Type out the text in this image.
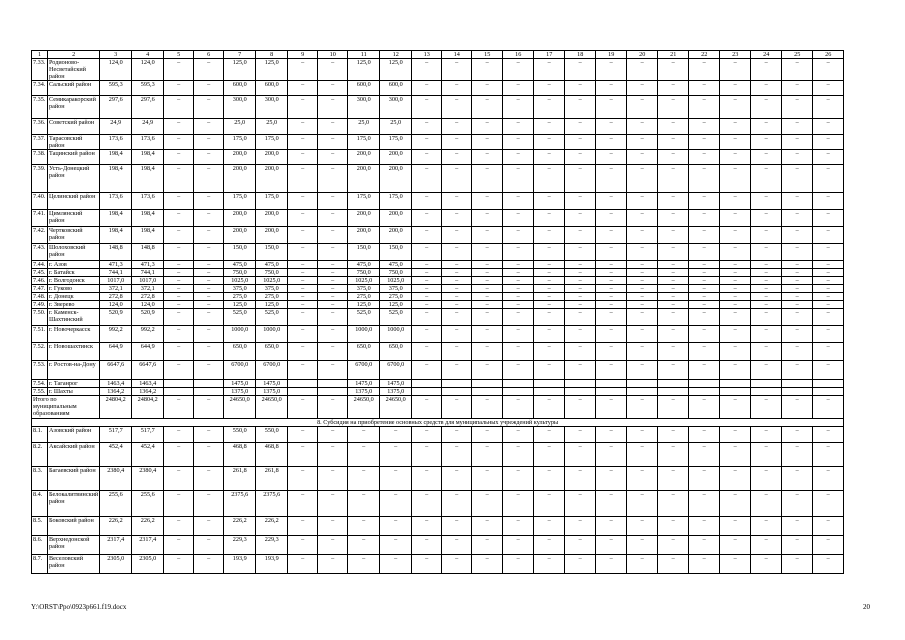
1	2	3	4	5	6	7	8	9	10	11	12	13	14	15	16	17	18	19	20	21	22	23	24	25	26
7.33.	Родионово-Несветайский район	124,0	124,0	–	–	125,0	125,0	–	–	125,0	125,0	–	–	–	–	–	–	–	–	–	–	–	–	–	–
7.34.	Сальский район	595,3	595,3	–	–	600,0	600,0	–	–	600,0	600,0	–	–	–	–	–	–	–	–	–	–	–	–	–	–
7.35.	Семикаракорский район	297,6	297,6	–	–	300,0	300,0	–	–	300,0	300,0	–	–	–	–	–	–	–	–	–	–	–	–	–	–
7.36.	Советский район	24,9	24,9	–	–	25,0	25,0	–	–	25,0	25,0	–	–	–	–	–	–	–	–	–	–	–	–	–	–
7.37.	Тарасовский район	173,6	173,6	–	–	175,0	175,0	–	–	175,0	175,0	–	–	–	–	–	–	–	–	–	–	–	–	–	–
7.38.	Тацинский район	198,4	198,4	–	–	200,0	200,0	–	–	200,0	200,0	–	–	–	–	–	–	–	–	–	–	–	–	–	–
7.39.	Усть-Донецкий район	198,4	198,4	–	–	200,0	200,0	–	–	200,0	200,0	–	–	–	–	–	–	–	–	–	–	–	–	–	–
7.40.	Целинский район	173,6	173,6	–	–	175,0	175,0	–	–	175,0	175,0	–	–	–	–	–	–	–	–	–	–	–	–	–	–
7.41.	Цимлянский район	198,4	198,4	–	–	200,0	200,0	–	–	200,0	200,0	–	–	–	–	–	–	–	–	–	–	–	–	–	–
7.42.	Чертковский район	198,4	198,4	–	–	200,0	200,0	–	–	200,0	200,0	–	–	–	–	–	–	–	–	–	–	–	–	–	–
7.43.	Шолоховский район	148,8	148,8	–	–	150,0	150,0	–	–	150,0	150,0	–	–	–	–	–	–	–	–	–	–	–	–	–	–
7.44.	г. Азов	471,3	471,3	–	–	475,0	475,0	–	–	475,0	475,0	–	–	–	–	–	–	–	–	–	–	–	–	–	–
7.45.	г. Батайск	744,1	744,1	–	–	750,0	750,0	–	–	750,0	750,0	–	–	–	–	–	–	–	–	–	–	–	–	–	–
7.46.	г. Волгодонск	1017,0	1017,0	–	–	1025,0	1025,0	–	–	1025,0	1025,0	–	–	–	–	–	–	–	–	–	–	–	–	–	–
7.47.	г. Гуково	372,1	372,1	–	–	375,0	375,0	–	–	375,0	375,0	–	–	–	–	–	–	–	–	–	–	–	–	–	–
7.48.	г. Донецк	272,8	272,8	–	–	275,0	275,0	–	–	275,0	275,0	–	–	–	–	–	–	–	–	–	–	–	–	–	–
7.49.	г. Зверево	124,0	124,0	–	–	125,0	125,0	–	–	125,0	125,0	–	–	–	–	–	–	–	–	–	–	–	–	–	–
7.50.	г. Каменск-Шахтинский	520,9	520,9	–	–	525,0	525,0	–	–	525,0	525,0	–	–	–	–	–	–	–	–	–	–	–	–	–	–
7.51.	г. Новочеркасск	992,2	992,2	–	–	1000,0	1000,0	–	–	1000,0	1000,0	–	–	–	–	–	–	–	–	–	–	–	–	–	–
7.52.	г. Новошахтинск	644,9	644,9	–	–	650,0	650,0	–	–	650,0	650,0	–	–	–	–	–	–	–	–	–	–	–	–	–	–
7.53.	г. Ростов-на-Дону	6647,6	6647,6	–	–	6700,0	6700,0	–	–	6700,0	6700,0	–	–	–	–	–	–	–	–	–	–	–	–	–	–
7.54.	г. Таганрог	1463,4	1463,4			1475,0	1475,0			1475,0	1475,0														
7.55.	г. Шахты	1364,2	1364,2			1375,0	1375,0			1375,0	1375,0														
Итого по муниципальным образованиям		24804,2	24804,2	–	–	24650,0	24650,0	–	–	24650,0	24650,0	–	–	–	–	–	–	–	–	–	–	–	–	–	–
8. Субсидия на приобретение основных средств для муниципальных учреждений культуры																									
8.1.	Азовский район	517,7	517,7	–	–	550,0	550,0	–	–	–	–	–	–	–	–	–	–	–	–	–	–	–	–	–	–
8.2.	Аксайский район	452,4	452,4	–	–	468,8	468,8	–	–	–	–	–	–	–	–	–	–	–	–	–	–	–	–	–	–
8.3.	Багаевский район	2380,4	2380,4	–	–	261,8	261,8	–	–	–	–	–	–	–	–	–	–	–	–	–	–	–	–	–	–
8.4.	Белокалитвинский район	255,6	255,6	–	–	2375,6	2375,6	–	–	–	–	–	–	–	–	–	–	–	–	–	–	–	–	–	–
8.5.	Боковский район	226,2	226,2	–	–	226,2	226,2	–	–	–	–	–	–	–	–	–	–	–	–	–	–	–	–	–	–
8.6.	Верхнедонской район	2317,4	2317,4	–	–	229,3	229,3	–	–	–	–	–	–	–	–	–	–	–	–	–	–	–	–	–	–
8.7.	Веселовский район	2305,0	2305,0	–	–	193,9	193,9	–	–	–	–	–	–	–	–	–	–	–	–	–	–	–	–	–	–
Y:\ORST\Ppo\0923p661.f19.docx	20
